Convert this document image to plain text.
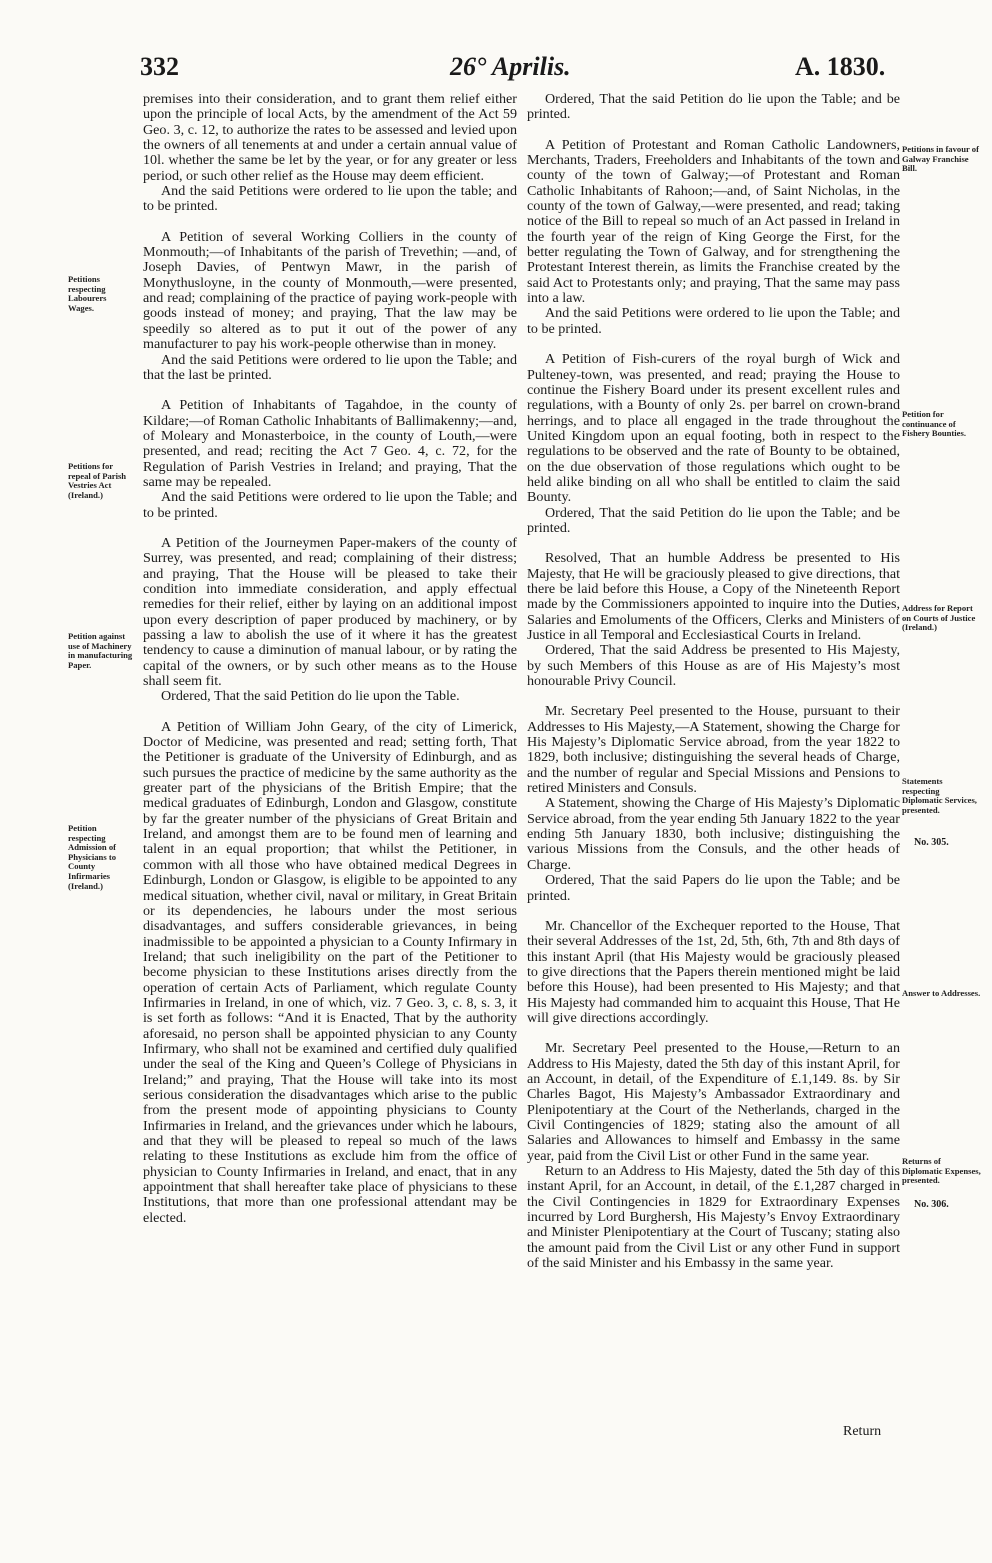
332	26° Aprilis.	A. 1830.
Petitions respecting Labourers Wages.
Petitions for repeal of Parish Vestries Act (Ireland.)
Petition against use of Machinery in manufacturing Paper.
Petition respecting Admission of Physicians to County Infirmaries (Ireland.)
Petitions in favour of Galway Franchise Bill.
Petition for continuance of Fishery Bounties.
Address for Report on Courts of Justice (Ireland.)
Statements respecting Diplomatic Services, presented.
No. 305.
Answer to Addresses.
Returns of Diplomatic Expenses, presented.
No. 306.

premises into their consideration, and to grant them relief either upon the principle of local Acts, by the amendment of the Act 59 Geo. 3, c. 12, to authorize the rates to be assessed and levied upon the owners of all tenements at and under a certain annual value of 10l. whether the same be let by the year, or for any greater or less period, or such other relief as the House may deem efficient.

And the said Petitions were ordered to lie upon the table; and to be printed.

A Petition of several Working Colliers in the county of Monmouth;—of Inhabitants of the parish of Trevethin; —and, of Joseph Davies, of Pentwyn Mawr, in the parish of Monythusloyne, in the county of Monmouth,—were presented, and read; complaining of the practice of paying work-people with goods instead of money; and praying, That the law may be speedily so altered as to put it out of the power of any manufacturer to pay his work-people otherwise than in money.

And the said Petitions were ordered to lie upon the Table; and that the last be printed.

A Petition of Inhabitants of Tagahdoe, in the county of Kildare;—of Roman Catholic Inhabitants of Ballimakenny;—and, of Moleary and Monasterboice, in the county of Louth,—were presented, and read; reciting the Act 7 Geo. 4, c. 72, for the Regulation of Parish Vestries in Ireland; and praying, That the same may be repealed.

And the said Petitions were ordered to lie upon the Table; and to be printed.

A Petition of the Journeymen Paper-makers of the county of Surrey, was presented, and read; complaining of their distress; and praying, That the House will be pleased to take their condition into immediate consideration, and apply effectual remedies for their relief, either by laying on an additional impost upon every description of paper produced by machinery, or by passing a law to abolish the use of it where it has the greatest tendency to cause a diminution of manual labour, or by rating the capital of the owners, or by such other means as to the House shall seem fit.

Ordered, That the said Petition do lie upon the Table.

A Petition of William John Geary, of the city of Limerick, Doctor of Medicine, was presented and read; setting forth, That the Petitioner is graduate of the University of Edinburgh, and as such pursues the practice of medicine by the same authority as the greater part of the physicians of the British Empire; that the medical graduates of Edinburgh, London and Glasgow, constitute by far the greater number of the physicians of Great Britain and Ireland, and amongst them are to be found men of learning and talent in an equal proportion; that whilst the Petitioner, in common with all those who have obtained medical Degrees in Edinburgh, London or Glasgow, is eligible to be appointed to any medical situation, whether civil, naval or military, in Great Britain or its dependencies, he labours under the most serious disadvantages, and suffers considerable grievances, in being inadmissible to be appointed a physician to a County Infirmary in Ireland; that such ineligibility on the part of the Petitioner to become physician to these Institutions arises directly from the operation of certain Acts of Parliament, which regulate County Infirmaries in Ireland, in one of which, viz. 7 Geo. 3, c. 8, s. 3, it is set forth as follows: “And it is Enacted, That by the authority aforesaid, no person shall be appointed physician to any County Infirmary, who shall not be examined and certified duly qualified under the seal of the King and Queen’s College of Physicians in Ireland;” and praying, That the House will take into its most serious consideration the disadvantages which arise to the public from the present mode of appointing physicians to County Infirmaries in Ireland, and the grievances under which he labours, and that they will be pleased to repeal so much of the laws relating to these Institutions as exclude him from the office of physician to County Infirmaries in Ireland, and enact, that in any appointment that shall hereafter take place of physicians to these Institutions, that more than one professional attendant may be elected.

Ordered, That the said Petition do lie upon the Table; and be printed.

A Petition of Protestant and Roman Catholic Landowners, Merchants, Traders, Freeholders and Inhabitants of the town and county of the town of Galway;—of Protestant and Roman Catholic Inhabitants of Rahoon;—and, of Saint Nicholas, in the county of the town of Galway,—were presented, and read; taking notice of the Bill to repeal so much of an Act passed in Ireland in the fourth year of the reign of King George the First, for the better regulating the Town of Galway, and for strengthening the Protestant Interest therein, as limits the Franchise created by the said Act to Protestants only; and praying, That the same may pass into a law.

And the said Petitions were ordered to lie upon the Table; and to be printed.

A Petition of Fish-curers of the royal burgh of Wick and Pulteney-town, was presented, and read; praying the House to continue the Fishery Board under its present excellent rules and regulations, with a Bounty of only 2s. per barrel on crown-brand herrings, and to place all engaged in the trade throughout the United Kingdom upon an equal footing, both in respect to the regulations to be observed and the rate of Bounty to be obtained, on the due observation of those regulations which ought to be held alike binding on all who shall be entitled to claim the said Bounty.

Ordered, That the said Petition do lie upon the Table; and be printed.

Resolved, That an humble Address be presented to His Majesty, that He will be graciously pleased to give directions, that there be laid before this House, a Copy of the Nineteenth Report made by the Commissioners appointed to inquire into the Duties, Salaries and Emoluments of the Officers, Clerks and Ministers of Justice in all Temporal and Ecclesiastical Courts in Ireland.

Ordered, That the said Address be presented to His Majesty, by such Members of this House as are of His Majesty’s most honourable Privy Council.

Mr. Secretary Peel presented to the House, pursuant to their Addresses to His Majesty,—A Statement, showing the Charge for His Majesty’s Diplomatic Service abroad, from the year 1822 to 1829, both inclusive; distinguishing the several heads of Charge, and the number of regular and Special Missions and Pensions to retired Ministers and Consuls.

A Statement, showing the Charge of His Majesty’s Diplomatic Service abroad, from the year ending 5th January 1822 to the year ending 5th January 1830, both inclusive; distinguishing the various Missions from the Consuls, and the other heads of Charge.

Ordered, That the said Papers do lie upon the Table; and be printed.

Mr. Chancellor of the Exchequer reported to the House, That their several Addresses of the 1st, 2d, 5th, 6th, 7th and 8th days of this instant April (that His Majesty would be graciously pleased to give directions that the Papers therein mentioned might be laid before this House), had been presented to His Majesty; and that His Majesty had commanded him to acquaint this House, That He will give directions accordingly.

Mr. Secretary Peel presented to the House,—Return to an Address to His Majesty, dated the 5th day of this instant April, for an Account, in detail, of the Expenditure of £.1,149. 8s. by Sir Charles Bagot, His Majesty’s Ambassador Extraordinary and Plenipotentiary at the Court of the Netherlands, charged in the Civil Contingencies of 1829; stating also the amount of all Salaries and Allowances to himself and Embassy in the same year, paid from the Civil List or other Fund in the same year.

Return to an Address to His Majesty, dated the 5th day of this instant April, for an Account, in detail, of the £.1,287 charged in the Civil Contingencies in 1829 for Extraordinary Expenses incurred by Lord Burghersh, His Majesty’s Envoy Extraordinary and Minister Plenipotentiary at the Court of Tuscany; stating also the amount paid from the Civil List or any other Fund in support of the said Minister and his Embassy in the same year.

Return
